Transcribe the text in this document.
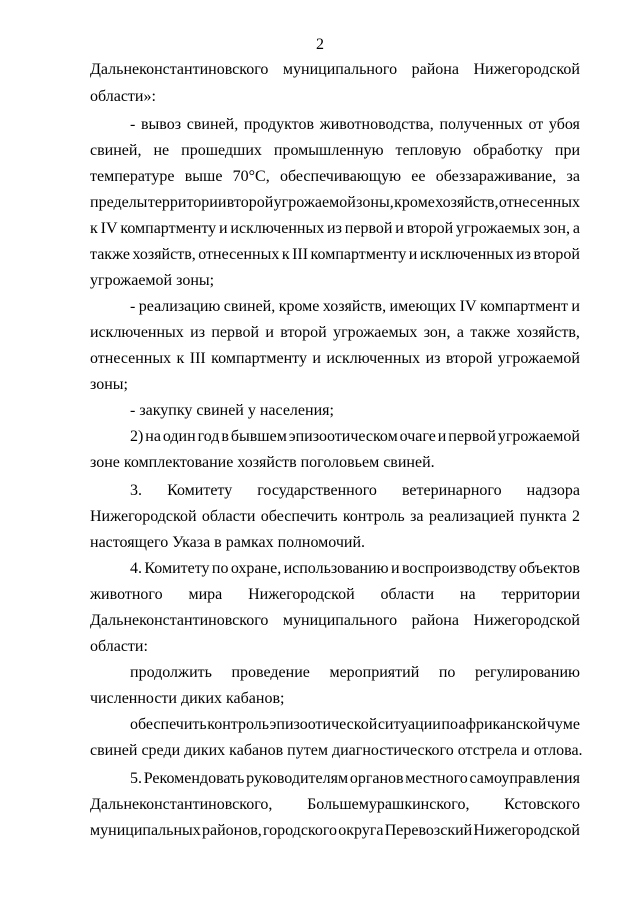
2
Дальнеконстантиновского муниципального района Нижегородской
области»:
- вывоз свиней, продуктов животноводства, полученных от убоя
свиней, не прошедших промышленную тепловую обработку при
температуре выше 70°С, обеспечивающую ее обеззараживание, за
пределы территории второй угрожаемой зоны, кроме хозяйств, отнесенных
к IV компартменту и исключенных из первой и второй угрожаемых зон, а
также хозяйств, отнесенных к III компартменту и исключенных из второй
угрожаемой зоны;
- реализацию свиней, кроме хозяйств, имеющих IV компартмент и
исключенных из первой и второй угрожаемых зон, а также хозяйств,
отнесенных к III компартменту и исключенных из второй угрожаемой
зоны;
- закупку свиней у населения;
2) на один год в бывшем эпизоотическом очаге и первой угрожаемой
зоне комплектование хозяйств поголовьем свиней.
3. Комитету государственного ветеринарного надзора
Нижегородской области обеспечить контроль за реализацией пункта 2
настоящего Указа в рамках полномочий.
4. Комитету по охране, использованию и воспроизводству объектов
животного мира Нижегородской области на территории
Дальнеконстантиновского муниципального района Нижегородской
области:
продолжить проведение мероприятий по регулированию
численности диких кабанов;
обеспечить контроль эпизоотической ситуации по африканской чуме
свиней среди диких кабанов путем диагностического отстрела и отлова.
5. Рекомендовать руководителям органов местного самоуправления
Дальнеконстантиновского, Большемурашкинского, Кстовского
муниципальных районов, городского округа Перевозский Нижегородской
